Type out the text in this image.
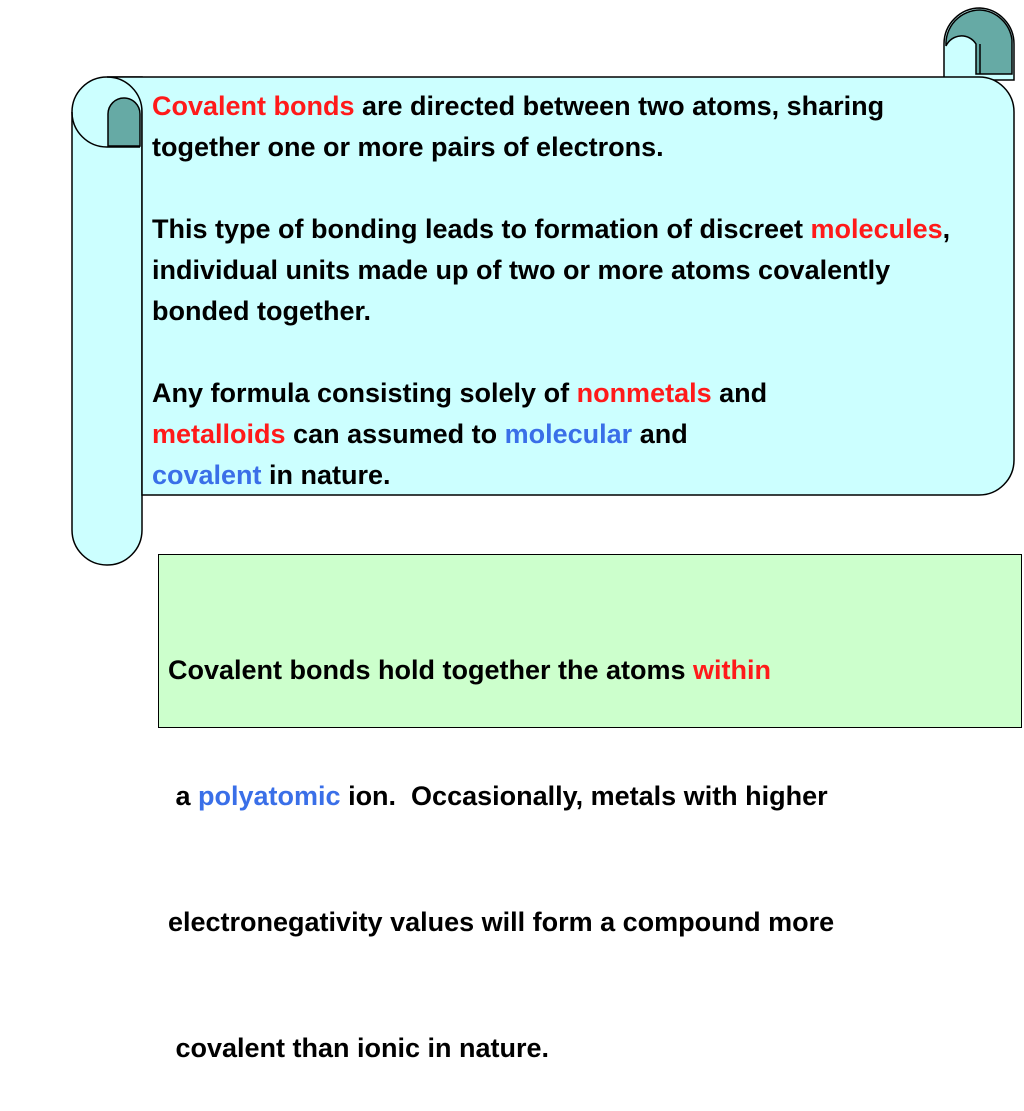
Covalent bonds are directed between two atoms, sharing together one or more pairs of electrons.

This type of bonding leads to formation of discreet molecules, individual units made up of two or more atoms covalently bonded together.

Any formula consisting solely of nonmetals and
metalloids can assumed to molecular and
covalent in nature.

Covalent bonds hold together the atoms within

a polyatomic ion.  Occasionally, metals with higher

electronegativity values will form a compound more

covalent than ionic in nature.
